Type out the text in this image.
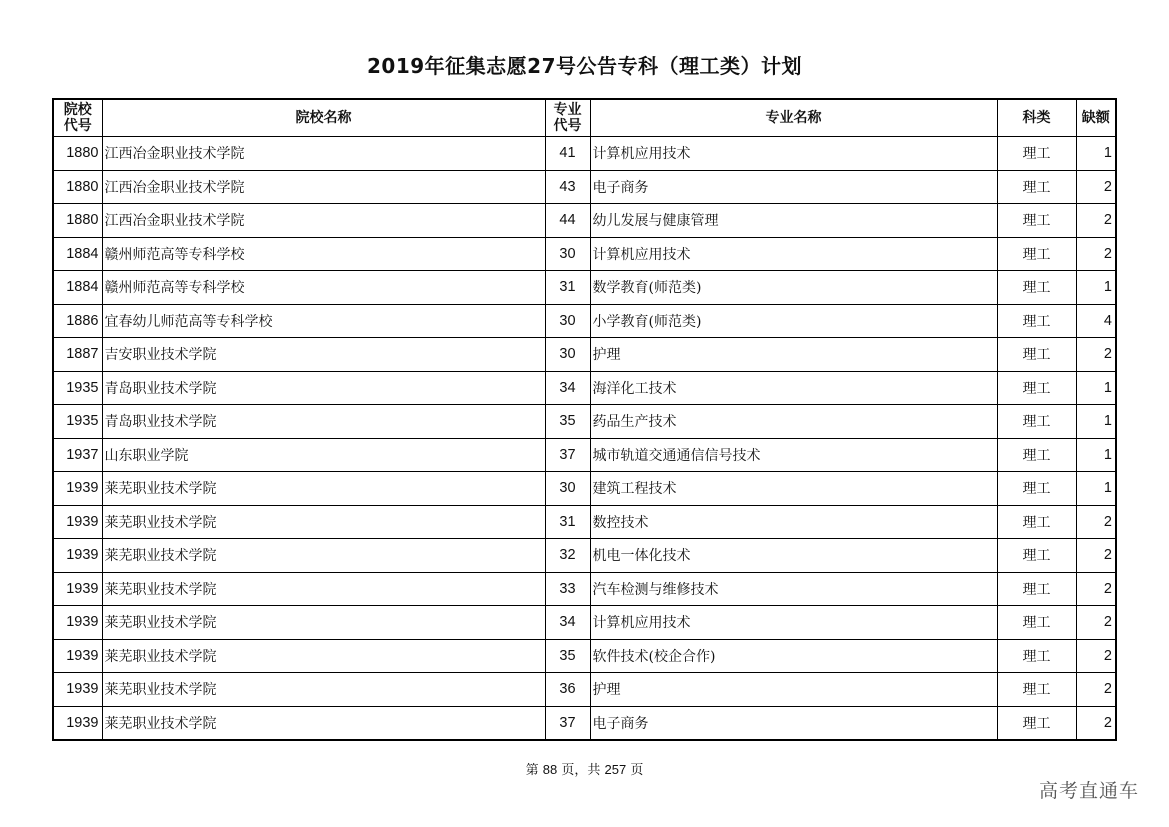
2019年征集志愿27号公告专科（理工类）计划
院校代号	院校名称	专业代号	专业名称	科类	缺额
1880	江西冶金职业技术学院	41	计算机应用技术	理工	1
1880	江西冶金职业技术学院	43	电子商务	理工	2
1880	江西冶金职业技术学院	44	幼儿发展与健康管理	理工	2
1884	赣州师范高等专科学校	30	计算机应用技术	理工	2
1884	赣州师范高等专科学校	31	数学教育(师范类)	理工	1
1886	宜春幼儿师范高等专科学校	30	小学教育(师范类)	理工	4
1887	吉安职业技术学院	30	护理	理工	2
1935	青岛职业技术学院	34	海洋化工技术	理工	1
1935	青岛职业技术学院	35	药品生产技术	理工	1
1937	山东职业学院	37	城市轨道交通通信信号技术	理工	1
1939	莱芜职业技术学院	30	建筑工程技术	理工	1
1939	莱芜职业技术学院	31	数控技术	理工	2
1939	莱芜职业技术学院	32	机电一体化技术	理工	2
1939	莱芜职业技术学院	33	汽车检测与维修技术	理工	2
1939	莱芜职业技术学院	34	计算机应用技术	理工	2
1939	莱芜职业技术学院	35	软件技术(校企合作)	理工	2
1939	莱芜职业技术学院	36	护理	理工	2
1939	莱芜职业技术学院	37	电子商务	理工	2
第 88 页，共 257 页
高考直通车
